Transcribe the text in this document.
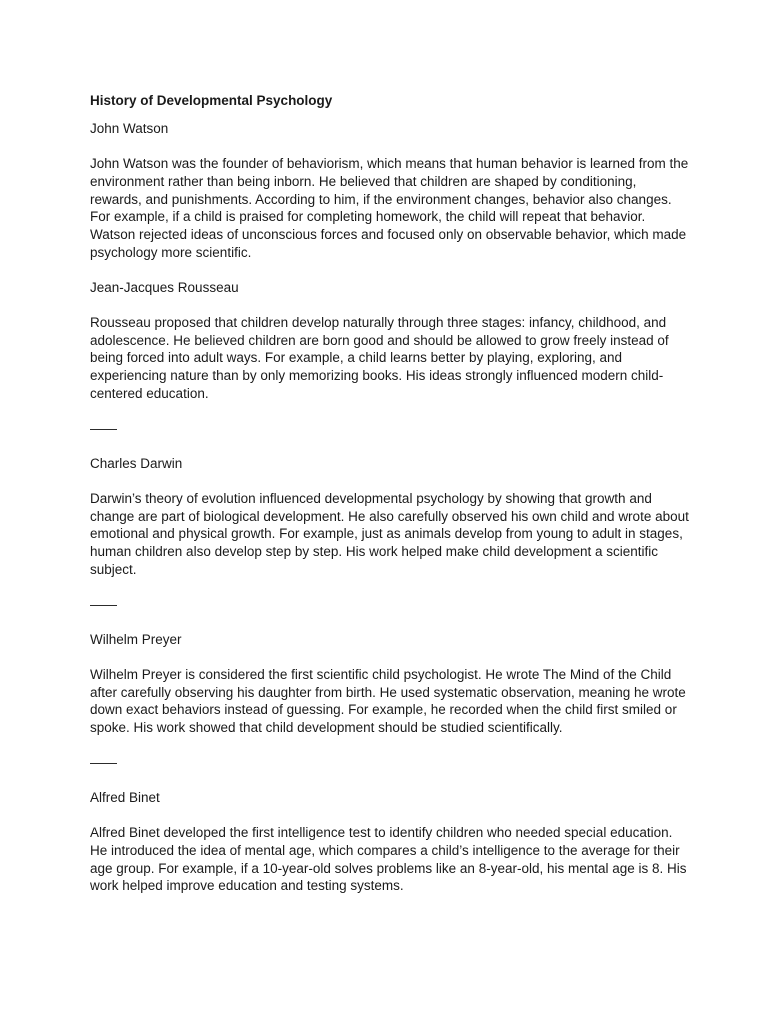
History of Developmental Psychology
John Watson
John Watson was the founder of behaviorism, which means that human behavior is learned from the environment rather than being inborn. He believed that children are shaped by conditioning, rewards, and punishments. According to him, if the environment changes, behavior also changes. For example, if a child is praised for completing homework, the child will repeat that behavior. Watson rejected ideas of unconscious forces and focused only on observable behavior, which made psychology more scientific.
Jean-Jacques Rousseau
Rousseau proposed that children develop naturally through three stages: infancy, childhood, and adolescence. He believed children are born good and should be allowed to grow freely instead of being forced into adult ways. For example, a child learns better by playing, exploring, and experiencing nature than by only memorizing books. His ideas strongly influenced modern child-centered education.
——
Charles Darwin
Darwin’s theory of evolution influenced developmental psychology by showing that growth and change are part of biological development. He also carefully observed his own child and wrote about emotional and physical growth. For example, just as animals develop from young to adult in stages, human children also develop step by step. His work helped make child development a scientific subject.
——
Wilhelm Preyer
Wilhelm Preyer is considered the first scientific child psychologist. He wrote The Mind of the Child after carefully observing his daughter from birth. He used systematic observation, meaning he wrote down exact behaviors instead of guessing. For example, he recorded when the child first smiled or spoke. His work showed that child development should be studied scientifically.
——
Alfred Binet
Alfred Binet developed the first intelligence test to identify children who needed special education. He introduced the idea of mental age, which compares a child’s intelligence to the average for their age group. For example, if a 10-year-old solves problems like an 8-year-old, his mental age is 8. His work helped improve education and testing systems.
